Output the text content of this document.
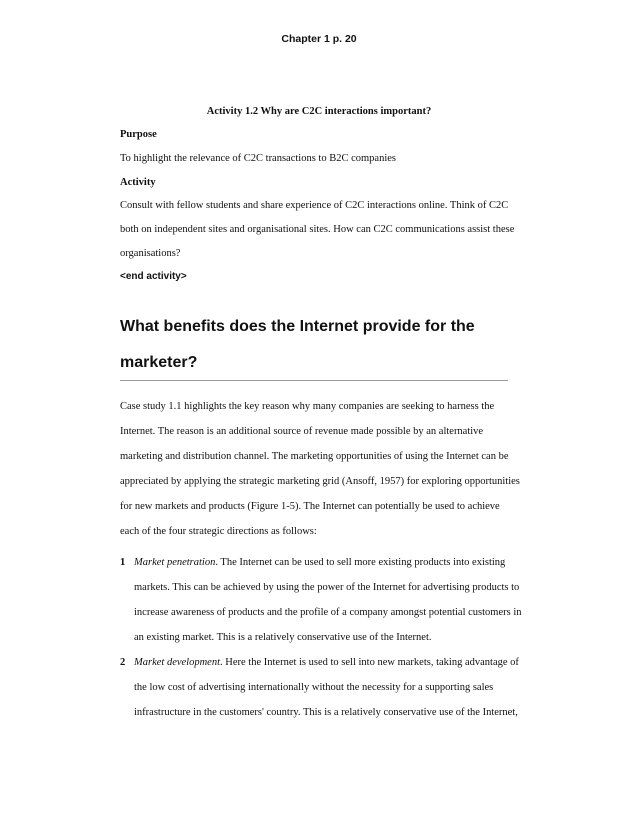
Chapter 1 p. 20
Activity 1.2 Why are C2C interactions important?
Purpose
To highlight the relevance of C2C transactions to B2C companies
Activity
Consult with fellow students and share experience of C2C interactions online. Think of C2C
both on independent sites and organisational sites. How can C2C communications assist these
organisations?
<end activity>
What benefits does the Internet provide for the
marketer?
Case study 1.1 highlights the key reason why many companies are seeking to harness the
Internet. The reason is an additional source of revenue made possible by an alternative
marketing and distribution channel. The marketing opportunities of using the Internet can be
appreciated by applying the strategic marketing grid (Ansoff, 1957) for exploring opportunities
for new markets and products (Figure 1-5). The Internet can potentially be used to achieve
each of the four strategic directions as follows:
1 Market penetration. The Internet can be used to sell more existing products into existing
markets. This can be achieved by using the power of the Internet for advertising products to
increase awareness of products and the profile of a company amongst potential customers in
an existing market. This is a relatively conservative use of the Internet.
2 Market development. Here the Internet is used to sell into new markets, taking advantage of
the low cost of advertising internationally without the necessity for a supporting sales
infrastructure in the customers' country. This is a relatively conservative use of the Internet,
